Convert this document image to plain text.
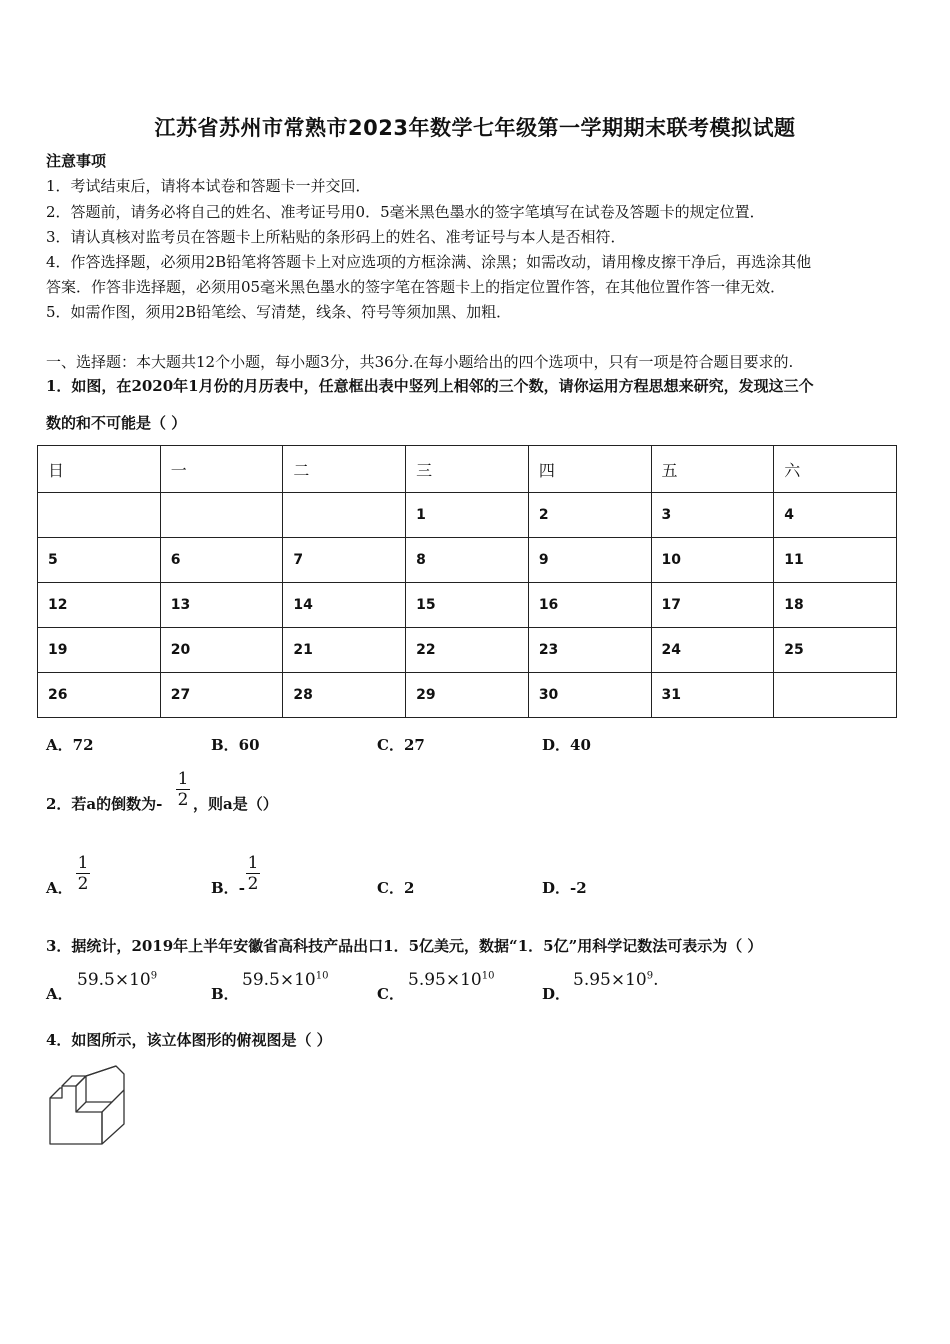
江苏省苏州市常熟市2023年数学七年级第一学期期末联考模拟试题
注意事项
1．考试结束后，请将本试卷和答题卡一并交回．
2．答题前，请务必将自己的姓名、准考证号用0．5毫米黑色墨水的签字笔填写在试卷及答题卡的规定位置．
3．请认真核对监考员在答题卡上所粘贴的条形码上的姓名、准考证号与本人是否相符．
4．作答选择题，必须用2B铅笔将答题卡上对应选项的方框涂满、涂黑；如需改动，请用橡皮擦干净后，再选涂其他
答案．作答非选择题，必须用05毫米黑色墨水的签字笔在答题卡上的指定位置作答，在其他位置作答一律无效．
5．如需作图，须用2B铅笔绘、写清楚，线条、符号等须加黑、加粗．
一、选择题：本大题共12个小题，每小题3分，共36分.在每小题给出的四个选项中，只有一项是符合题目要求的.
1．如图，在2020年1月份的月历表中，任意框出表中竖列上相邻的三个数，请你运用方程思想来研究，发现这三个
数的和不可能是（ ）
日	一	二	三	四	五	六
			1	2	3	4
5	6	7	8	9	10	11
12	13	14	15	16	17	18
19	20	21	22	23	24	25
26	27	28	29	30	31	
A．72	B．60	C．27	D．40
2．若a的倒数为-
1
2 ，则a是（）
A．
1
2	B．-
1
2	C．2	D．-2
3．据统计，2019年上半年安徽省高科技产品出口1．5亿美元，数据“1．5亿”用科学记数法可表示为（ ）
A．
$59.5\times 10^9$
B．
$59.5\times 10^{10}$
C．
$5.95\times 10^{10}$
D．
$5.95\times 10^9$.
4．如图所示，该立体图形的俯视图是（ ）
